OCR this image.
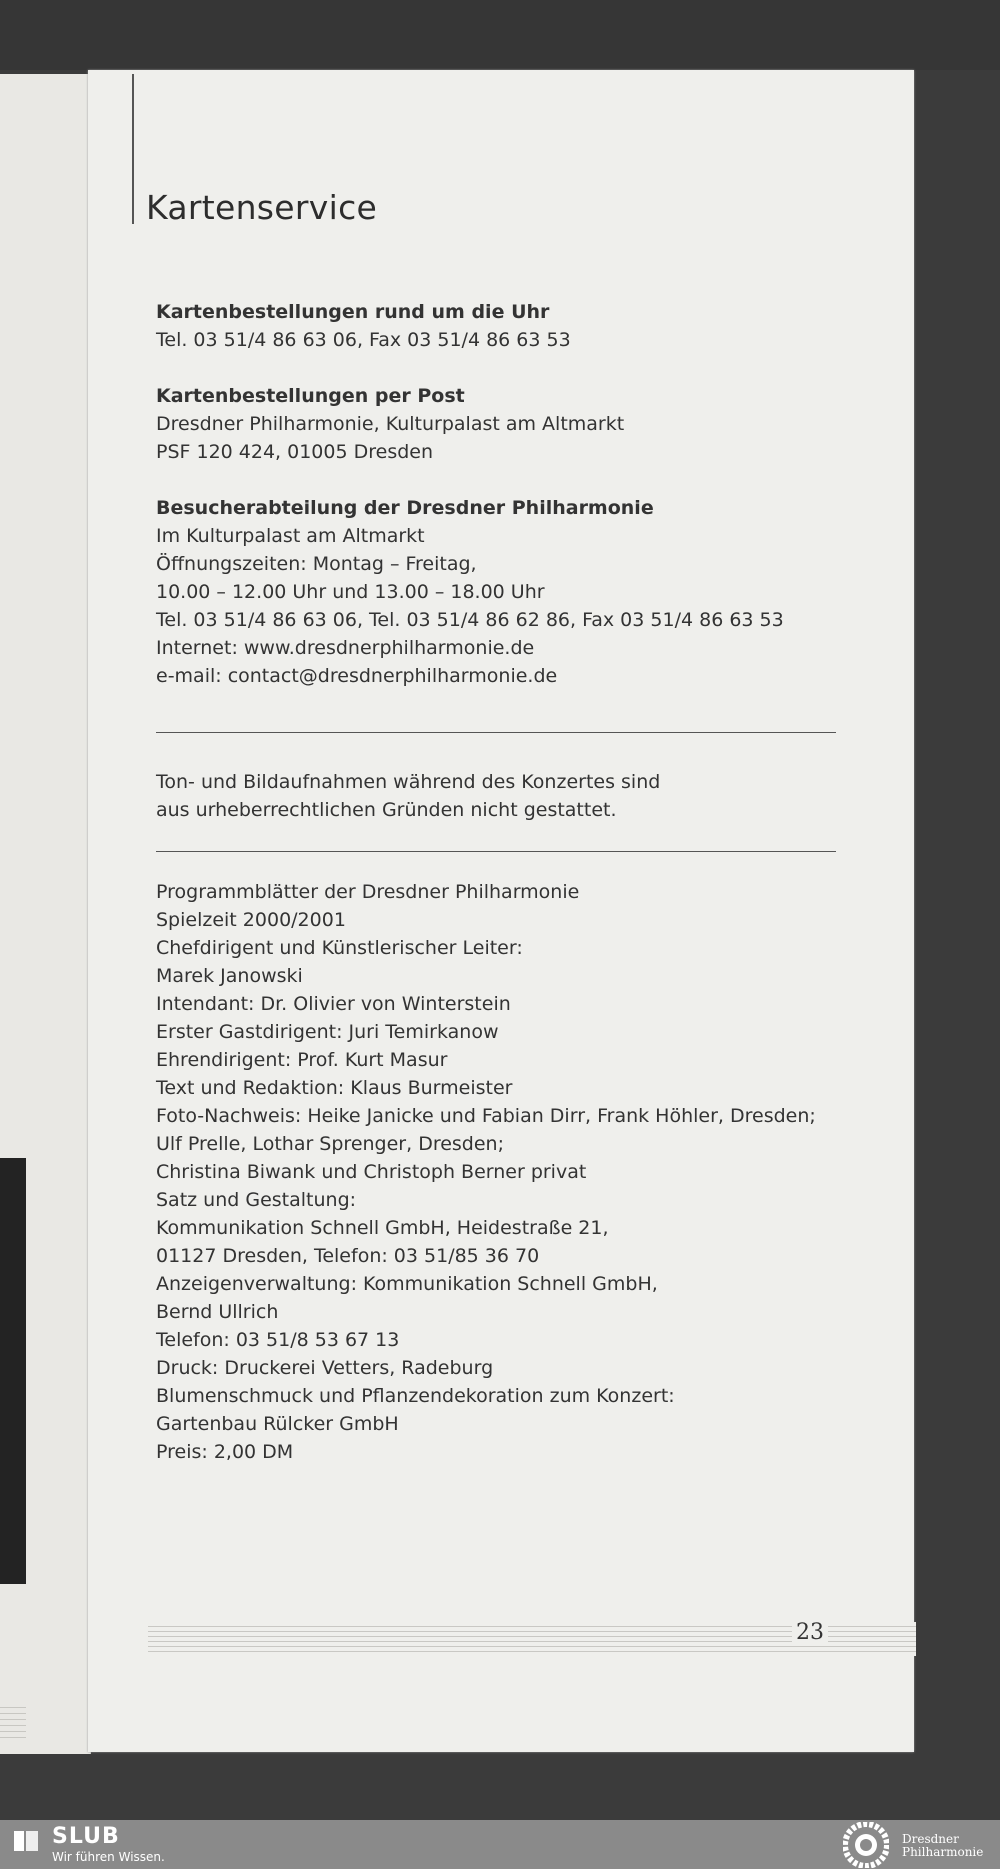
Kartenservice
Kartenbestellungen rund um die Uhr
Tel. 03 51/4 86 63 06, Fax 03 51/4 86 63 53
Kartenbestellungen per Post
Dresdner Philharmonie, Kulturpalast am Altmarkt
PSF 120 424, 01005 Dresden
Besucherabteilung der Dresdner Philharmonie
Im Kulturpalast am Altmarkt
Öffnungszeiten: Montag – Freitag,
10.00 – 12.00 Uhr und 13.00 – 18.00 Uhr
Tel. 03 51/4 86 63 06, Tel. 03 51/4 86 62 86, Fax 03 51/4 86 63 53
Internet: www.dresdnerphilharmonie.de
e-mail: contact@dresdnerphilharmonie.de
Ton- und Bildaufnahmen während des Konzertes sind
aus urheberrechtlichen Gründen nicht gestattet.
Programmblätter der Dresdner Philharmonie
Spielzeit 2000/2001
Chefdirigent und Künstlerischer Leiter:
Marek Janowski
Intendant: Dr. Olivier von Winterstein
Erster Gastdirigent: Juri Temirkanow
Ehrendirigent: Prof. Kurt Masur
Text und Redaktion: Klaus Burmeister
Foto-Nachweis: Heike Janicke und Fabian Dirr, Frank Höhler, Dresden;
Ulf Prelle, Lothar Sprenger, Dresden;
Christina Biwank und Christoph Berner privat
Satz und Gestaltung:
Kommunikation Schnell GmbH, Heidestraße 21,
01127 Dresden, Telefon: 03 51/85 36 70
Anzeigenverwaltung: Kommunikation Schnell GmbH,
Bernd Ullrich
Telefon: 03 51/8 53 67 13
Druck: Druckerei Vetters, Radeburg
Blumenschmuck und Pflanzendekoration zum Konzert:
Gartenbau Rülcker GmbH
Preis: 2,00 DM
23
SLUB
Wir führen Wissen.
Dresdner
Philharmonie
